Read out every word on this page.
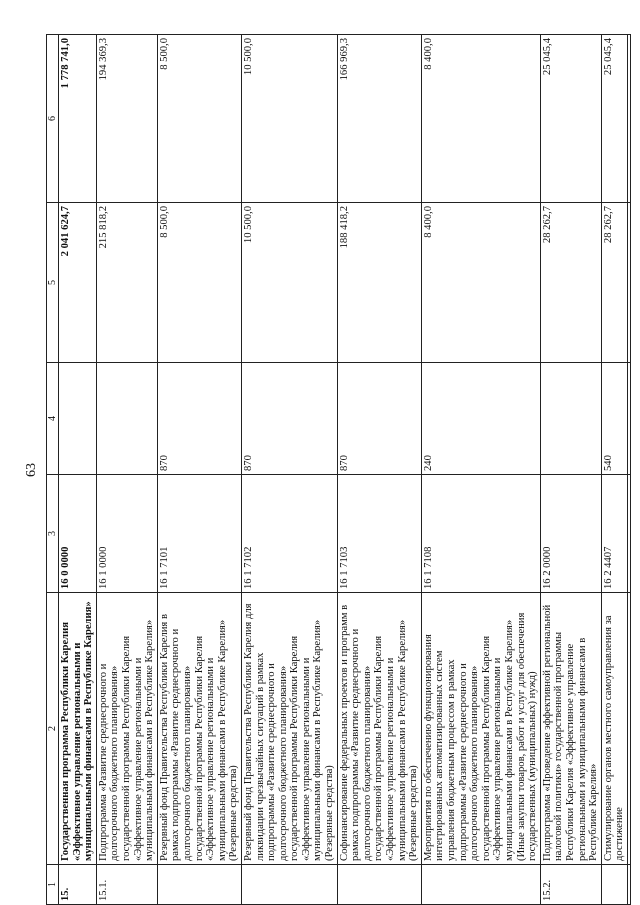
63
1	2	3	4	5	6
15.	Государственная программа Республики Карелия «Эффективное управление региональными и муниципальными финансами в Республике Карелия»	16 0 0000		2 041 624,7	1 778 741,0
15.1.	Подпрограмма «Развитие среднесрочного и долгосрочного бюджетного планирования» государственной программы Республики Карелия «Эффективное управление региональными и муниципальными финансами в Республике Карелия»	16 1 0000		215 818,2	194 369,3
	Резервный фонд Правительства Республики Карелия в рамках подпрограммы «Развитие среднесрочного и долгосрочного бюджетного планирования» государственной программы Республики Карелия «Эффективное управление региональными и муниципальными финансами в Республике Карелия» (Резервные средства)	16 1 7101	870	8 500,0	8 500,0
	Резервный фонд Правительства Республики Карелия для ликвидации чрезвычайных ситуаций в рамках подпрограммы «Развитие среднесрочного и долгосрочного бюджетного планирования» государственной программы Республики Карелия «Эффективное управление региональными и муниципальными финансами в Республике Карелия» (Резервные средства)	16 1 7102	870	10 500,0	10 500,0
	Софинансирование федеральных проектов и программ в рамках подпрограммы «Развитие среднесрочного и долгосрочного бюджетного планирования» государственной программы Республики Карелия «Эффективное управление региональными и муниципальными финансами в Республике Карелия» (Резервные средства)	16 1 7103	870	188 418,2	166 969,3
	Мероприятия по обеспечению функционирования интегрированных автоматизированных систем управления бюджетным процессом в рамках подпрограммы «Развитие среднесрочного и долгосрочного бюджетного планирования» государственной программы Республики Карелия «Эффективное управление региональными и муниципальными финансами в Республике Карелия» (Иные закупки товаров, работ и услуг для обеспечения государственных (муниципальных) нужд)	16 1 7108	240	8 400,0	8 400,0
15.2.	Подпрограмма «Проведение эффективной региональной налоговой политики» государственной программы Республики Карелия «Эффективное управление региональными и муниципальными финансами в Республике Карелия»	16 2 0000		28 262,7	25 045,4
	Стимулирование органов местного самоуправления за достижение	16 2 4407	540	28 262,7	25 045,4
